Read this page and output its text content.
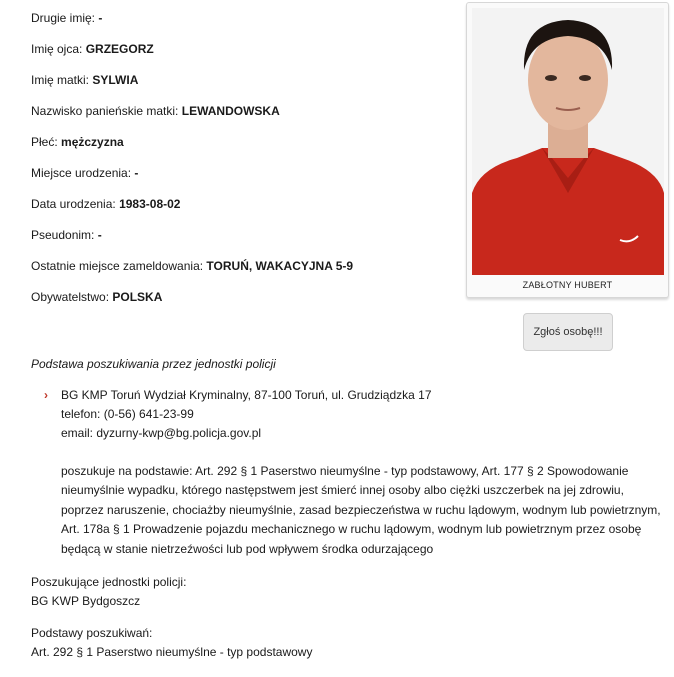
Drugie imię: -
Imię ojca: GRZEGORZ
Imię matki: SYLWIA
Nazwisko panieńskie matki: LEWANDOWSKA
Płeć: mężczyzna
Miejsce urodzenia: -
Data urodzenia: 1983-08-02
Pseudonim: -
Ostatnie miejsce zameldowania: TORUŃ, WAKACYJNA 5-9
Obywatelstwo: POLSKA
ZABŁOTNY HUBERT
Zgłoś osobę!!!
Podstawa poszukiwania przez jednostki policji
› BG KMP Toruń Wydział Kryminalny, 87-100 Toruń, ul. Grudziądzka 17
telefon: (0-56) 641-23-99
email: dyzurny-kwp@bg.policja.gov.pl
poszukuje na podstawie: Art. 292 § 1 Paserstwo nieumyślne - typ podstawowy, Art. 177 § 2 Spowodowanie nieumyślnie wypadku, którego następstwem jest śmierć innej osoby albo ciężki uszczerbek na jej zdrowiu, poprzez naruszenie, chociażby nieumyślnie, zasad bezpieczeństwa w ruchu lądowym, wodnym lub powietrznym, Art. 178a § 1 Prowadzenie pojazdu mechanicznego w ruchu lądowym, wodnym lub powietrznym przez osobę będącą w stanie nietrzeźwości lub pod wpływem środka odurzającego
Poszukujące jednostki policji:
BG KWP Bydgoszcz
Podstawy poszukiwań:
Art. 292 § 1 Paserstwo nieumyślne - typ podstawowy
